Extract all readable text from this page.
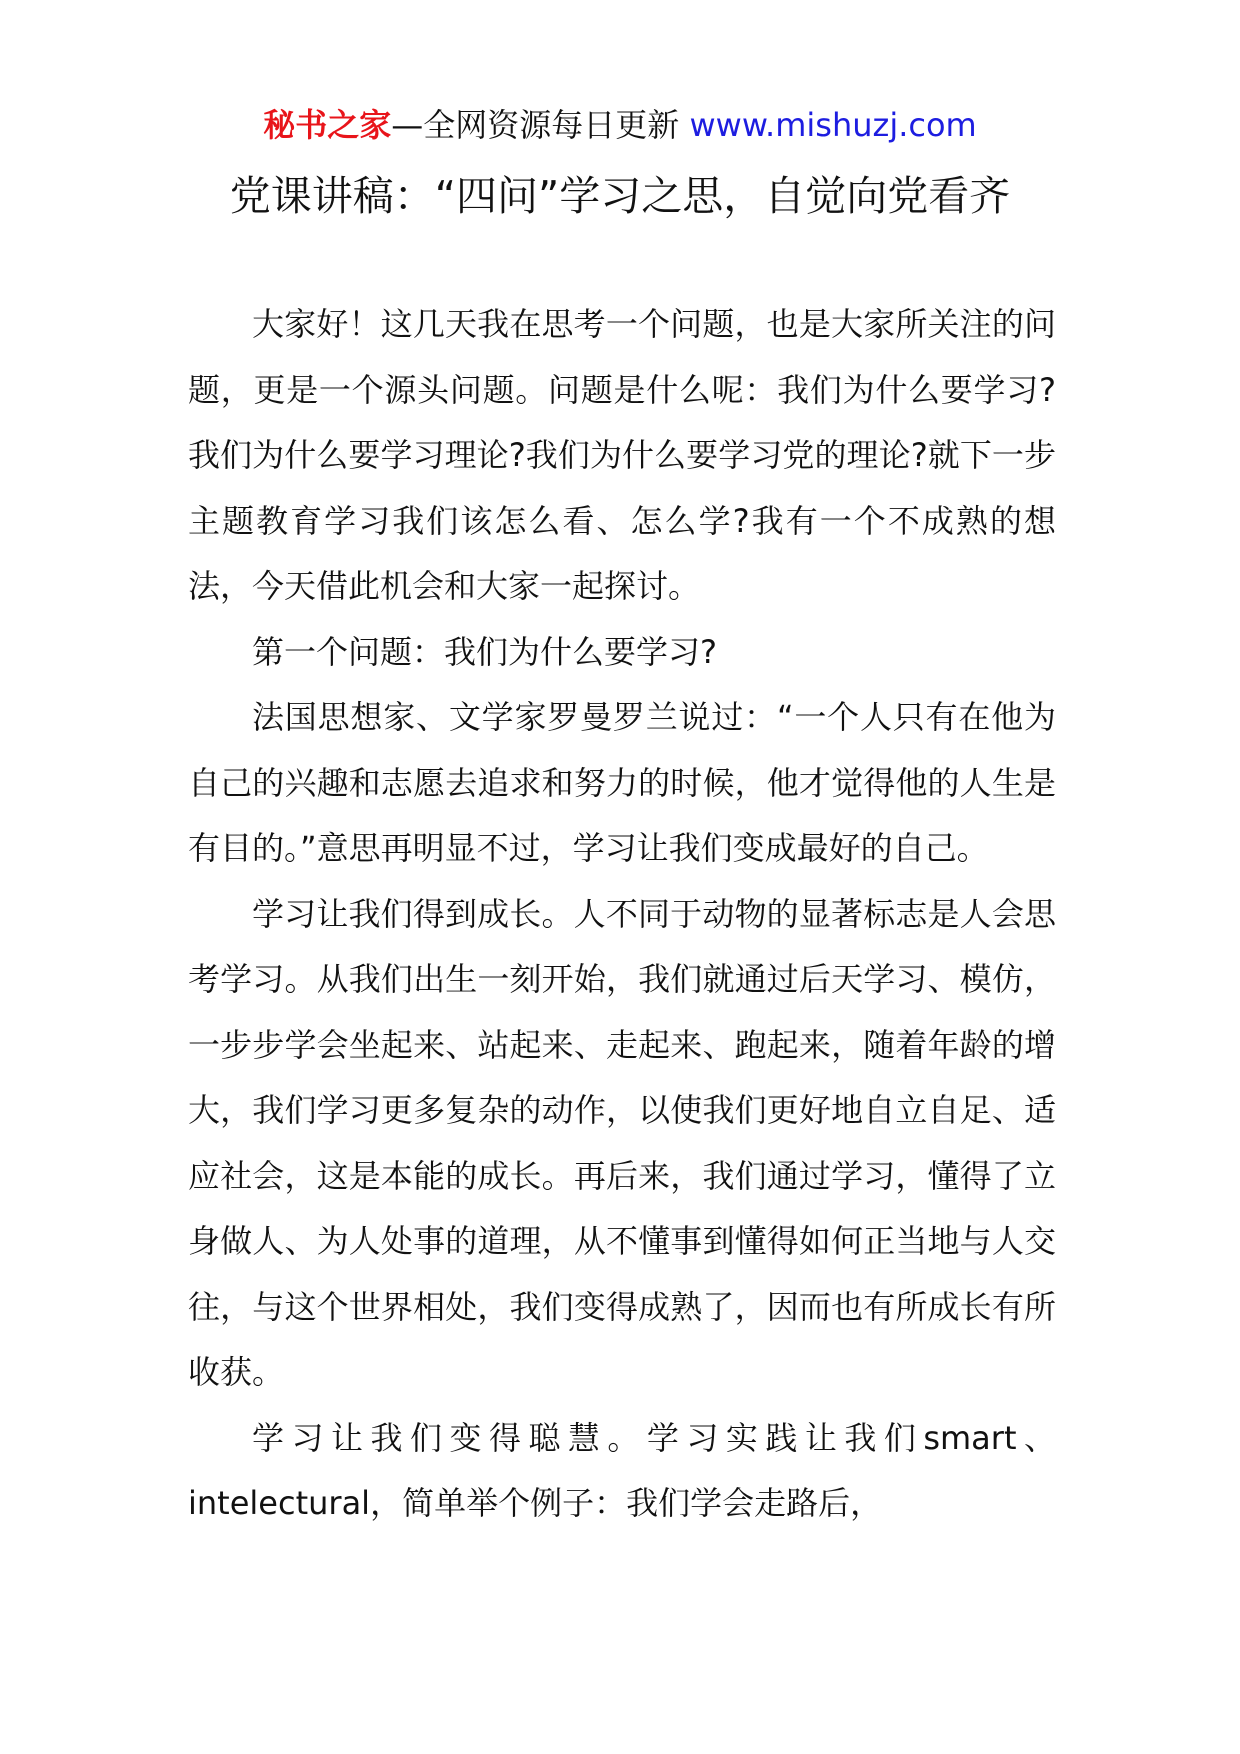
秘书之家—全网资源每日更新 www.mishuzj.com
党课讲稿：“四问”学习之思，自觉向党看齐

大家好！这几天我在思考一个问题，也是大家所关注的问题，更是一个源头问题。问题是什么呢：我们为什么要学习?我们为什么要学习理论?我们为什么要学习党的理论?就下一步主题教育学习我们该怎么看、怎么学?我有一个不成熟的想法，今天借此机会和大家一起探讨。

第一个问题：我们为什么要学习?

法国思想家、文学家罗曼罗兰说过：“一个人只有在他为自己的兴趣和志愿去追求和努力的时候，他才觉得他的人生是有目的。”意思再明显不过，学习让我们变成最好的自己。

学习让我们得到成长。人不同于动物的显著标志是人会思考学习。从我们出生一刻开始，我们就通过后天学习、模仿，一步步学会坐起来、站起来、走起来、跑起来，随着年龄的增大，我们学习更多复杂的动作，以使我们更好地自立自足、适应社会，这是本能的成长。再后来，我们通过学习，懂得了立身做人、为人处事的道理，从不懂事到懂得如何正当地与人交往，与这个世界相处，我们变得成熟了，因而也有所成长有所收获。

学习让我们变得聪慧。学习实践让我们smart、intelectural，简单举个例子：我们学会走路后，
